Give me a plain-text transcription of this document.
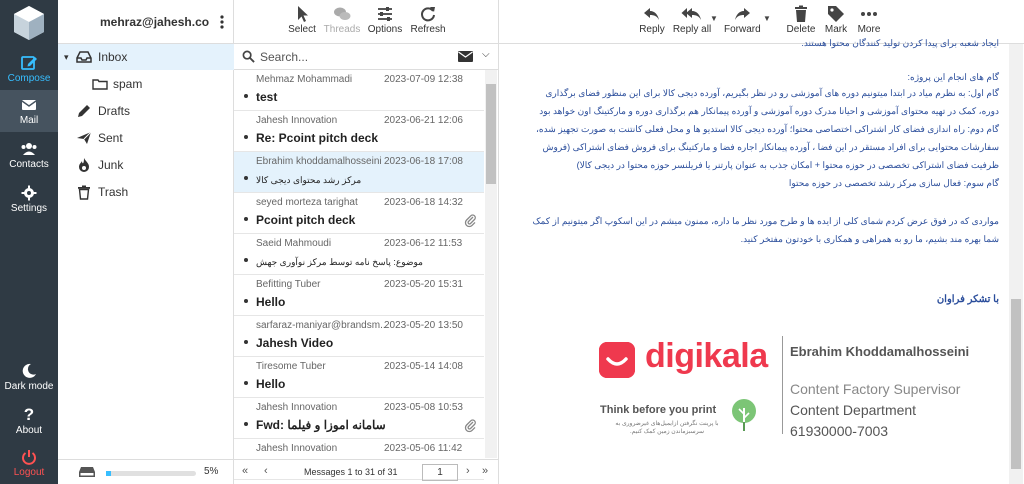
Compose
Mail
Contacts
Settings
Dark mode
?
About
Logout
mehraz@jahesh.co
▾ Inbox
spam
Drafts
Sent
Junk
Trash
5%
Select Threads Options Refresh
Search...
⌵
Mehmaz Mohammadi	2023-07-09 12:38
test
Jahesh Innovation	2023-06-21 12:06
Re: Pcoint pitch deck
Ebrahim khoddamalhosseini 2023-06-18 17:08
مرکز رشد محتوای دیجی کالا
seyed morteza tarighat	2023-06-18 14:32
Pcoint pitch deck
Saeid Mahmoudi	2023-06-12 11:53
موضوع: پاسخ نامه توسط مرکز نوآوری جهش
Befitting Tuber	2023-05-20 15:31
Hello
sarfaraz-maniyar@brandsm...
2023-05-20 13:50
Jahesh Video
Tiresome Tuber	2023-05-14 14:08
Hello
Jahesh Innovation	2023-05-08 10:53
Fwd: سامانه اموزا و فیلما
Jahesh Innovation	2023-05-06 11:42
« ‹	Messages 1 to 31 of 31	1	› »
Reply Reply all
▼
Forward
▼
Delete Mark	More
ایجاد شعبه برای پیدا کردن تولید کنندگان محتوا هستند.
گام های انجام این پروژه:
گام اول: به نظرم میاد در ابتدا میتونیم دوره های آموزشی رو در نظر بگیریم، آورده دیجی کالا برای این منظور فضای برگذاری
دوره، کمک در تهیه محتوای آموزشی و احیانا مدرک دوره آموزشی و آورده پیمانکار هم برگذاری دوره و مارکتینگ اون خواهد بود
گام دوم: راه اندازی فضای کار اشتراکی اختصاصی محتوا؛ آورده دیجی کالا استدیو ها و محل فعلی کانتنت به صورت تجهیز شده،
سفارشات محتوایی برای افراد مستقر در این فضا ، آورده پیمانکار اجاره فضا و مارکتینگ برای فروش فضای اشتراکی (فروش
ظرفیت فضای اشتراکی تخصصی در حوزه محتوا + امکان جذب به عنوان پارتنر یا فریلنسر حوزه محتوا در دیجی کالا)
گام سوم: فعال سازی مرکز رشد تخصصی در حوزه محتوا
مواردی که در فوق عرض کردم شمای کلی از ایده ها و طرح مورد نظر ما داره، ممنون میشم در این اسکوپ اگر میتونیم از کمک
شما بهره مند بشیم، ما رو به همراهی و همکاری با خودتون مفتخر کنید.
با تشکر فراوان
digikala
Think before you print
با پرینت نگرفتن ازایمیل‌های غیرضروری به سرسبزماندن زمین کمک کنیم.
Ebrahim Khoddamalhosseini
Content Factory Supervisor
Content Department
61930000-7003
